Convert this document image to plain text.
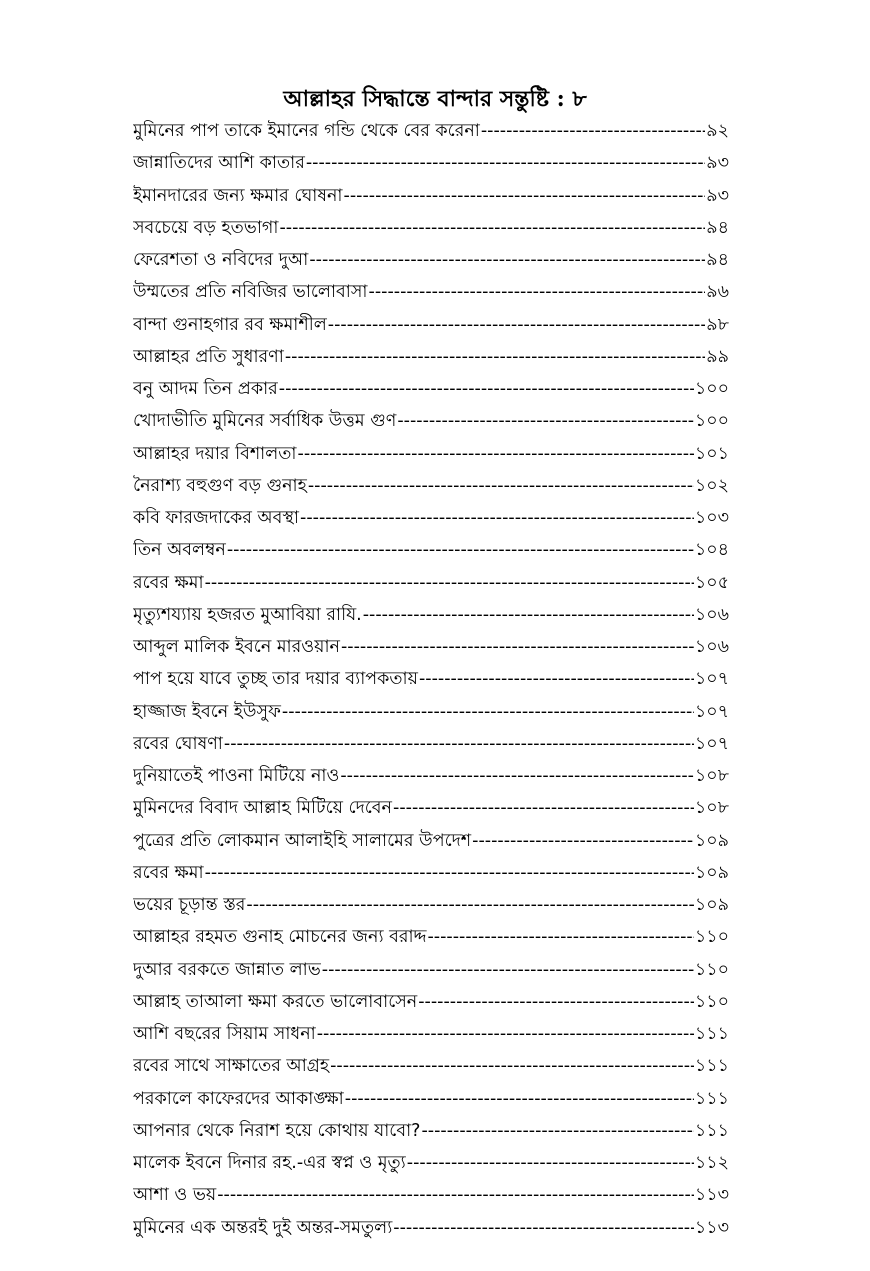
আল্লাহর সিদ্ধান্তে বান্দার সন্তুষ্টি : ৮
মুমিনের পাপ তাকে ইমানের গন্ডি থেকে বের করেনা -----	৯২
জান্নাতিদের আশি কাতার -----	৯৩
ইমানদারের জন্য ক্ষমার ঘোষনা -----	৯৩
সবচেয়ে বড় হতভাগা -----	৯৪
ফেরেশতা ও নবিদের দুআ -----	৯৪
উম্মতের প্রতি নবিজির ভালোবাসা -----	৯৬
বান্দা গুনাহগার রব ক্ষমাশীল -----	৯৮
আল্লাহর প্রতি সুধারণা -----	৯৯
বনু আদম তিন প্রকার -----	১০০
খোদাভীতি মুমিনের সর্বাধিক উত্তম গুণ -----	১০০
আল্লাহর দয়ার বিশালতা -----	১০১
নৈরাশ্য বহুগুণ বড় গুনাহ -----	১০২
কবি ফারজদাকের অবস্থা -----	১০৩
তিন অবলম্বন -----	১০৪
রবের ক্ষমা -----	১০৫
মৃত্যুশয্যায় হজরত মুআবিয়া রাযি. -----	১০৬
আব্দুল মালিক ইবনে মারওয়ান -----	১০৬
পাপ হয়ে যাবে তুচ্ছ তার দয়ার ব্যাপকতায় -----	১০৭
হাজ্জাজ ইবনে ইউসুফ -----	১০৭
রবের ঘোষণা -----	১০৭
দুনিয়াতেই পাওনা মিটিয়ে নাও -----	১০৮
মুমিনদের বিবাদ আল্লাহ মিটিয়ে দেবেন -----	১০৮
পুত্রের প্রতি লোকমান আলাইহি সালামের উপদেশ -----	১০৯
রবের ক্ষমা -----	১০৯
ভয়ের চূড়ান্ত স্তর -----	১০৯
আল্লাহর রহমত গুনাহ মোচনের জন্য বরাদ্দ -----	১১০
দুআর বরকতে জান্নাত লাভ -----	১১০
আল্লাহ তাআলা ক্ষমা করতে ভালোবাসেন -----	১১০
আশি বছরের সিয়াম সাধনা -----	১১১
রবের সাথে সাক্ষাতের আগ্রহ -----	১১১
পরকালে কাফেরদের আকাঙ্ক্ষা -----	১১১
আপনার থেকে নিরাশ হয়ে কোথায় যাবো? -----	১১১
মালেক ইবনে দিনার রহ.-এর স্বপ্ন ও মৃত্যু -----	১১২
আশা ও ভয় -----	১১৩
মুমিনের এক অন্তরই দুই অন্তর-সমতুল্য -----	১১৩
